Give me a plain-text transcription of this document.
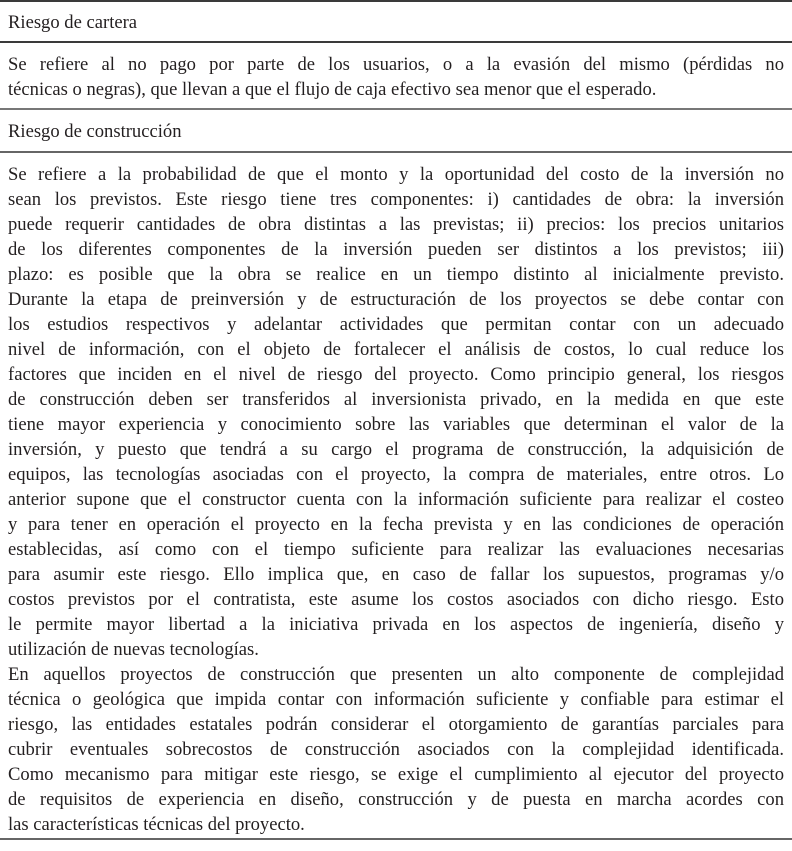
Riesgo de cartera
Se refiere al no pago por parte de los usuarios, o a la evasión del mismo (pérdidas no
técnicas o negras), que llevan a que el flujo de caja efectivo sea menor que el esperado.
Riesgo de construcción
Se refiere a la probabilidad de que el monto y la oportunidad del costo de la inversión no
sean los previstos. Este riesgo tiene tres componentes: i) cantidades de obra: la inversión
puede requerir cantidades de obra distintas a las previstas; ii) precios: los precios unitarios
de los diferentes componentes de la inversión pueden ser distintos a los previstos; iii)
plazo: es posible que la obra se realice en un tiempo distinto al inicialmente previsto.
Durante la etapa de preinversión y de estructuración de los proyectos se debe contar con
los estudios respectivos y adelantar actividades que permitan contar con un adecuado
nivel de información, con el objeto de fortalecer el análisis de costos, lo cual reduce los
factores que inciden en el nivel de riesgo del proyecto. Como principio general, los riesgos
de construcción deben ser transferidos al inversionista privado, en la medida en que este
tiene mayor experiencia y conocimiento sobre las variables que determinan el valor de la
inversión, y puesto que tendrá a su cargo el programa de construcción, la adquisición de
equipos, las tecnologías asociadas con el proyecto, la compra de materiales, entre otros. Lo
anterior supone que el constructor cuenta con la información suficiente para realizar el costeo
y para tener en operación el proyecto en la fecha prevista y en las condiciones de operación
establecidas, así como con el tiempo suficiente para realizar las evaluaciones necesarias
para asumir este riesgo. Ello implica que, en caso de fallar los supuestos, programas y/o
costos previstos por el contratista, este asume los costos asociados con dicho riesgo. Esto
le permite mayor libertad a la iniciativa privada en los aspectos de ingeniería, diseño y
utilización de nuevas tecnologías.
En aquellos proyectos de construcción que presenten un alto componente de complejidad
técnica o geológica que impida contar con información suficiente y confiable para estimar el
riesgo, las entidades estatales podrán considerar el otorgamiento de garantías parciales para
cubrir eventuales sobrecostos de construcción asociados con la complejidad identificada.
Como mecanismo para mitigar este riesgo, se exige el cumplimiento al ejecutor del proyecto
de requisitos de experiencia en diseño, construcción y de puesta en marcha acordes con
las características técnicas del proyecto.
